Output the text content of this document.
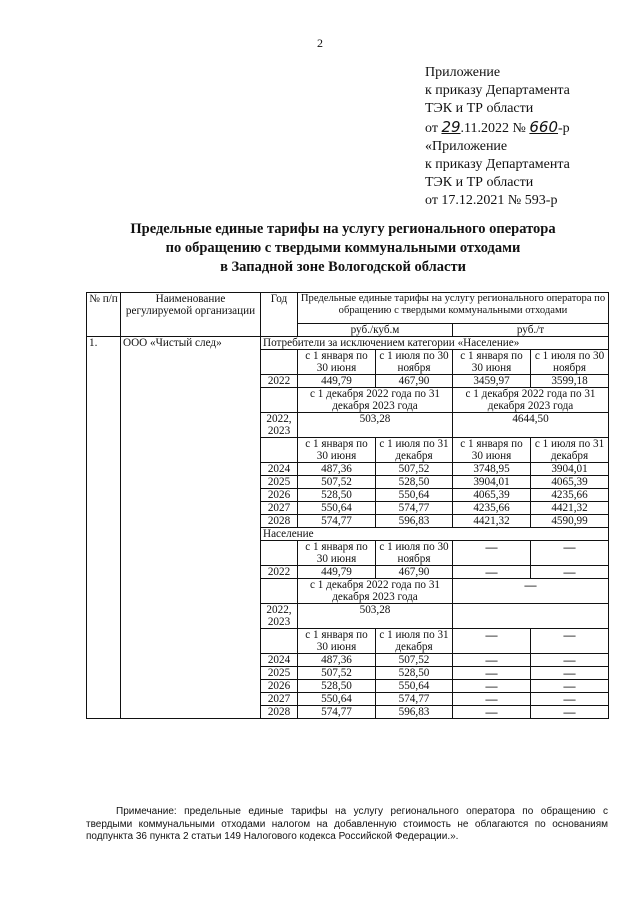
2
Приложение
к приказу Департамента
ТЭК и ТР области
от 29.11.2022 № 660-р
«Приложение
к приказу Департамента
ТЭК и ТР области
от 17.12.2021 № 593-р
Предельные единые тарифы на услугу регионального оператора
по обращению с твердыми коммунальными отходами
в Западной зоне Вологодской области
№ п/п	Наименование регулируемой организации	Год	Предельные единые тарифы на услугу регионального оператора по обращению с твердыми коммунальными отходами			
			руб./куб.м		руб./т	
1.	ООО «Чистый след»	Потребители за исключением категории «Население»				
			с 1 января по 30 июня	с 1 июля по 30 ноября	с 1 января по 30 июня	с 1 июля по 30 ноября
		2022	449,79	467,90	3459,97	3599,18
			с 1 декабря 2022 года по 31 декабря 2023 года		с 1 декабря 2022 года по 31 декабря 2023 года	
		2022, 2023	503,28		4644,50	
			с 1 января по 30 июня	с 1 июля по 31 декабря	с 1 января по 30 июня	с 1 июля по 31 декабря
		2024	487,36	507,52	3748,95	3904,01
		2025	507,52	528,50	3904,01	4065,39
		2026	528,50	550,64	4065,39	4235,66
		2027	550,64	574,77	4235,66	4421,32
		2028	574,77	596,83	4421,32	4590,99
		Население				
			с 1 января по 30 июня	с 1 июля по 30 ноября	—	—
		2022	449,79	467,90	—	—
			с 1 декабря 2022 года по 31 декабря 2023 года		—	
		2022, 2023	503,28			
			с 1 января по 30 июня	с 1 июля по 31 декабря	—	—
		2024	487,36	507,52	—	—
		2025	507,52	528,50	—	—
		2026	528,50	550,64	—	—
		2027	550,64	574,77	—	—
		2028	574,77	596,83	—	—
Примечание: предельные единые тарифы на услугу регионального оператора по обращению с твердыми коммунальными отходами налогом на добавленную стоимость не облагаются по основаниям подпункта 36 пункта 2 статьи 149 Налогового кодекса Российской Федерации.».
